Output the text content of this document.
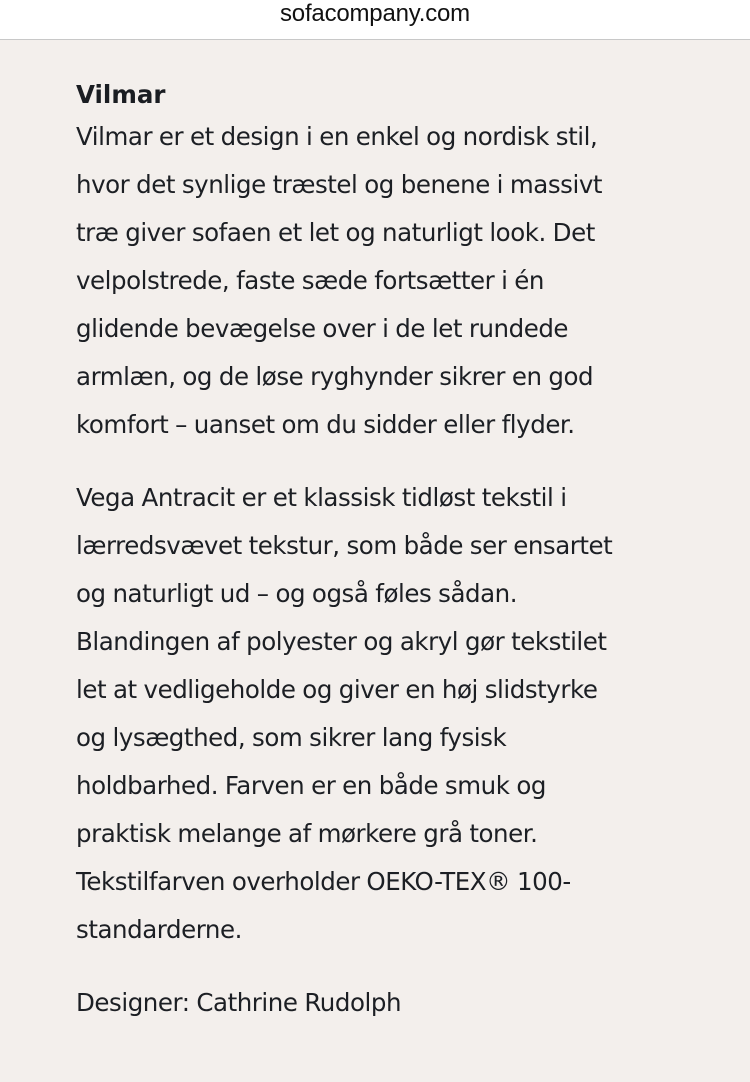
sofacompany.com
Vilmar

Vilmar er et design i en enkel og nordisk stil,
hvor det synlige træstel og benene i massivt
træ giver sofaen et let og naturligt look. Det
velpolstrede, faste sæde fortsætter i én
glidende bevægelse over i de let rundede
armlæn, og de løse ryghynder sikrer en god
komfort – uanset om du sidder eller flyder.

Vega Antracit er et klassisk tidløst tekstil i
lærredsvævet tekstur, som både ser ensartet
og naturligt ud – og også føles sådan.
Blandingen af polyester og akryl gør tekstilet
let at vedligeholde og giver en høj slidstyrke
og lysægthed, som sikrer lang fysisk
holdbarhed. Farven er en både smuk og
praktisk melange af mørkere grå toner.
Tekstilfarven overholder OEKO-TEX® 100-
standarderne.

Designer: Cathrine Rudolph
